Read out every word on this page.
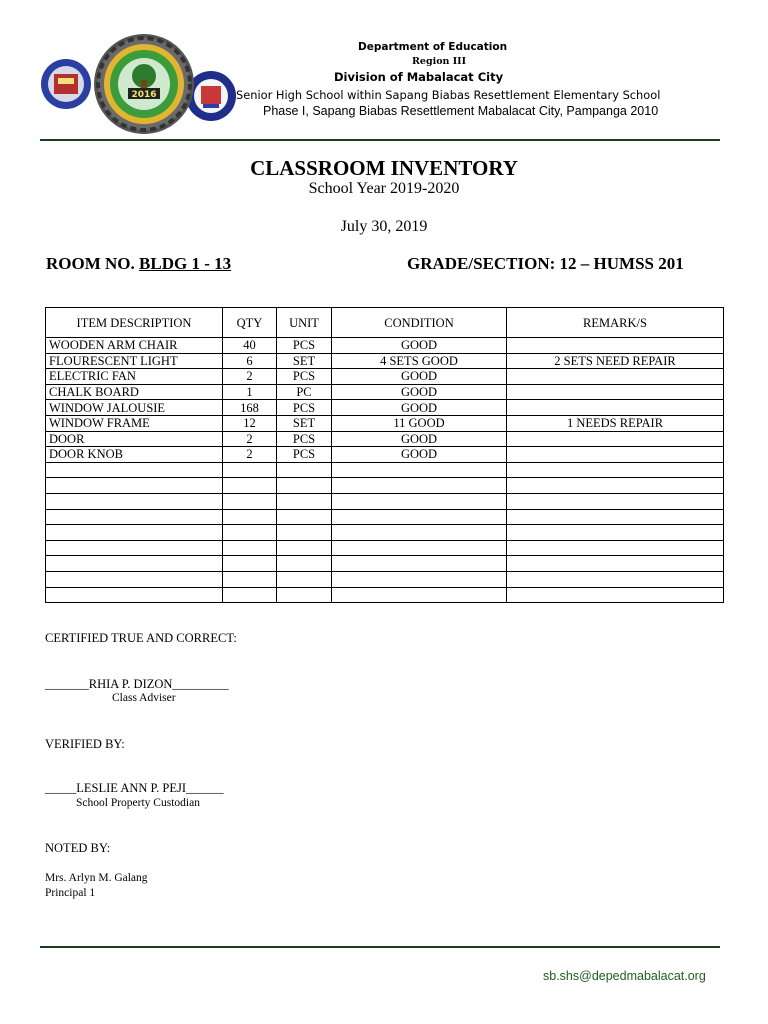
2016
Department of Education
Region III
Division of Mabalacat City
Senior High School within Sapang Biabas Resettlement Elementary School
Phase I, Sapang Biabas Resettlement Mabalacat City, Pampanga 2010
CLASSROOM INVENTORY
School Year 2019-2020
July 30, 2019
ROOM NO. BLDG 1 - 13	GRADE/SECTION: 12 – HUMSS 201
ITEM DESCRIPTION	QTY	UNIT	CONDITION	REMARK/S
WOODEN ARM CHAIR	40	PCS	GOOD	
FLOURESCENT LIGHT	6	SET	4 SETS GOOD	2 SETS NEED REPAIR
ELECTRIC FAN	2	PCS	GOOD	
CHALK BOARD	1	PC	GOOD	
WINDOW JALOUSIE	168	PCS	GOOD	
WINDOW FRAME	12	SET	11 GOOD	1 NEEDS REPAIR
DOOR	2	PCS	GOOD	
DOOR KNOB	2	PCS	GOOD	

CERTIFIED TRUE AND CORRECT:
_______RHIA P. DIZON_________
Class Adviser
VERIFIED BY:
_____LESLIE ANN P. PEJI______
School Property Custodian
NOTED BY:
Mrs. Arlyn M. Galang
Principal 1
sb.shs@depedmabalacat.org
